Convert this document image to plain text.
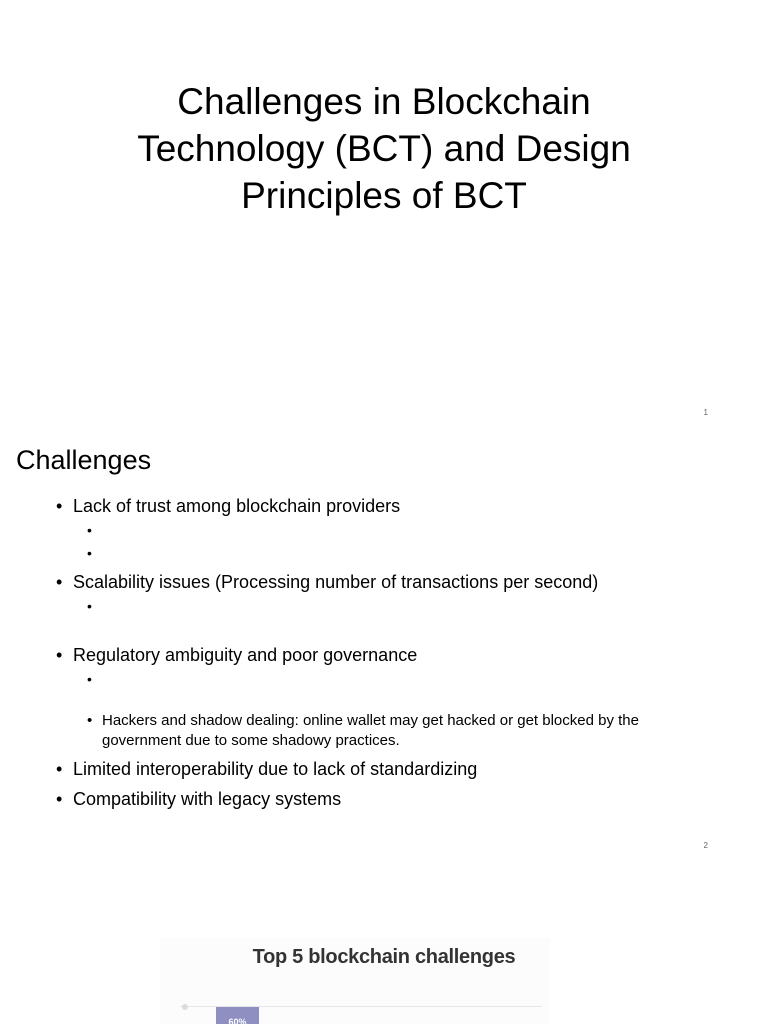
Challenges in Blockchain
Technology (BCT) and Design
Principles of BCT
1
Challenges

• Lack of trust among blockchain providers

•

•

• Scalability issues (Processing number of transactions per second)

•

• Regulatory ambiguity and poor governance

•

• Hackers and shadow dealing: online wallet may get hacked or get blocked by the government due to some shadowy practices.

• Limited interoperability due to lack of standardizing

• Compatibility with legacy systems

2
Top 5 blockchain challenges
60%
